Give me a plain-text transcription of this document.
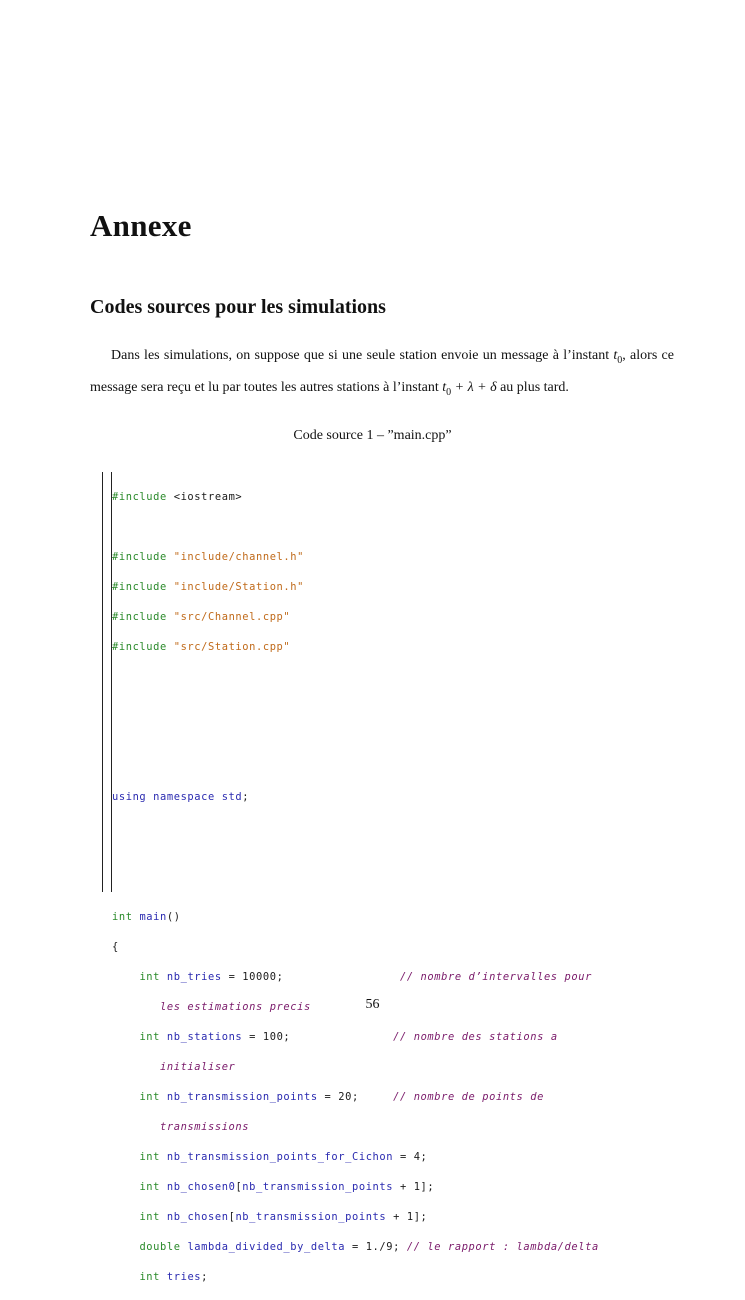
Annexe
Codes sources pour les simulations

Dans les simulations, on suppose que si une seule station envoie un message à l’instant $t_0$, alors ce message sera reçu et lu par toutes les autres stations à l’instant $t_0 + \lambda + \delta$ au plus tard.

Code source 1 – ”main.cpp”

#include <iostream>

#include "include/channel.h"

#include "include/Station.h"

#include "src/Channel.cpp"

#include "src/Station.cpp"

using namespace std;

int main()

{

int nb_tries = 10000;	// nombre d’intervalles pour

les estimations precis

int nb_stations = 100;	// nombre des stations a

initialiser

int nb_transmission_points = 20;	// nombre de points de

transmissions

int nb_transmission_points_for_Cichon = 4;

int nb_chosen0[nb_transmission_points + 1];

int nb_chosen[nb_transmission_points + 1];

double lambda_divided_by_delta = 1./9; // le rapport : lambda/delta

int tries;

56
